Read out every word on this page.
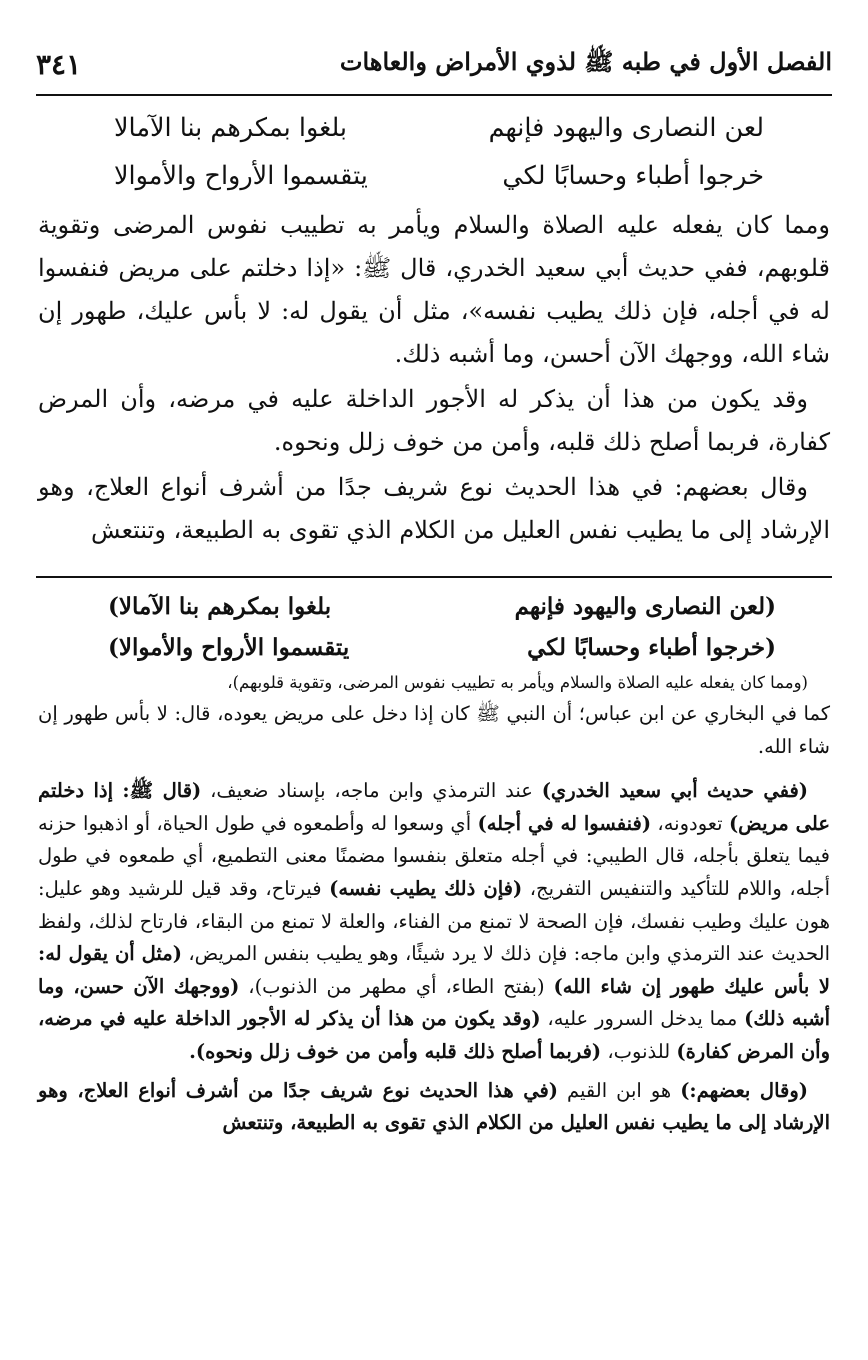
الفصل الأول في طبه ﷺ لذوي الأمراض والعاهات
٣٤١
لعن النصارى واليهود فإنهم
بلغوا بمكرهم بنا الآمالا
خرجوا أطباء وحسابًا لكي
يتقسموا الأرواح والأموالا

ومما كان يفعله عليه الصلاة والسلام ويأمر به تطييب نفوس المرضى وتقوية قلوبهم، ففي حديث أبي سعيد الخدري، قال ﷺ: «إذا دخلتم على مريض فنفسوا له في أجله، فإن ذلك يطيب نفسه»، مثل أن يقول له: لا بأس عليك، طهور إن شاء الله، ووجهك الآن أحسن، وما أشبه ذلك.

وقد يكون من هذا أن يذكر له الأجور الداخلة عليه في مرضه، وأن المرض كفارة، فربما أصلح ذلك قلبه، وأمن من خوف زلل ونحوه.

وقال بعضهم: في هذا الحديث نوع شريف جدًا من أشرف أنواع العلاج، وهو الإرشاد إلى ما يطيب نفس العليل من الكلام الذي تقوى به الطبيعة، وتنتعش

(لعن النصارى واليهود فإنهم
بلغوا بمكرهم بنا الآمالا)
(خرجوا أطباء وحسابًا لكي
يتقسموا الأرواح والأموالا)
(ومما كان يفعله عليه الصلاة والسلام ويأمر به تطييب نفوس المرضى، وتقوية قلوبهم)،

كما في البخاري عن ابن عباس؛ أن النبي ﷺ كان إذا دخل على مريض يعوده، قال: لا بأس طهور إن شاء الله.

(ففي حديث أبي سعيد الخدري) عند الترمذي وابن ماجه، بإسناد ضعيف، (قال ﷺ: إذا دخلتم على مريض) تعودونه، (فنفسوا له في أجله) أي وسعوا له وأطمعوه في طول الحياة، أو اذهبوا حزنه فيما يتعلق بأجله، قال الطيبي: في أجله متعلق بنفسوا مضمنًا معنى التطميع، أي طمعوه في طول أجله، واللام للتأكيد والتنفيس التفريج، (فإن ذلك يطيب نفسه) فيرتاح، وقد قيل للرشيد وهو عليل: هون عليك وطيب نفسك، فإن الصحة لا تمنع من الفناء، والعلة لا تمنع من البقاء، فارتاح لذلك، ولفظ الحديث عند الترمذي وابن ماجه: فإن ذلك لا يرد شيئًا، وهو يطيب بنفس المريض، (مثل أن يقول له: لا بأس عليك طهور إن شاء الله) (بفتح الطاء، أي مطهر من الذنوب)، (ووجهك الآن حسن، وما أشبه ذلك) مما يدخل السرور عليه، (وقد يكون من هذا أن يذكر له الأجور الداخلة عليه في مرضه، وأن المرض كفارة) للذنوب، (فربما أصلح ذلك قلبه وأمن من خوف زلل ونحوه).

(وقال بعضهم:) هو ابن القيم (في هذا الحديث نوع شريف جدًا من أشرف أنواع العلاج، وهو الإرشاد إلى ما يطيب نفس العليل من الكلام الذي تقوى به الطبيعة، وتنتعش
